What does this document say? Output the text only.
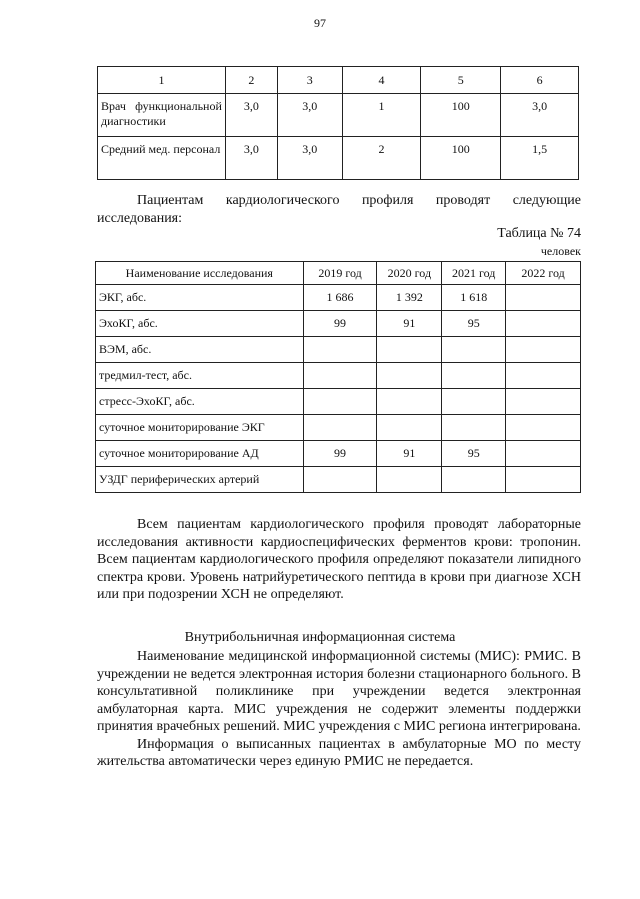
97
1	2	3	4	5	6
Врач функциональной диагностики	3,0	3,0	1	100	3,0
Средний мед. персонал	3,0	3,0	2	100	1,5

Пациентам кардиологического профиля проводят следующие исследования:

Таблица № 74
человек
Наименование исследования	2019 год	2020 год	2021 год	2022 год
ЭКГ, абс.	1 686	1 392	1 618	
ЭхоКГ, абс.	99	91	95	
ВЭМ, абс.				
тредмил-тест, абс.				
стресс-ЭхоКГ, абс.				
суточное мониторирование ЭКГ				
суточное мониторирование АД	99	91	95	
УЗДГ периферических артерий				

Всем пациентам кардиологического профиля проводят лабораторные исследования активности кардиоспецифических ферментов крови: тропонин. Всем пациентам кардиологического профиля определяют показатели липидного спектра крови. Уровень натрийуретического пептида в крови при диагнозе ХСН или при подозрении ХСН не определяют.

Внутрибольничная информационная система

Наименование медицинской информационной системы (МИС): РМИС. В учреждении не ведется электронная история болезни стационарного больного. В консультативной поликлинике при учреждении ведется электронная амбулаторная карта. МИС учреждения не содержит элементы поддержки принятия врачебных решений. МИС учреждения с МИС региона интегрирована.

Информация о выписанных пациентах в амбулаторные МО по месту жительства автоматически через единую РМИС не передается.
